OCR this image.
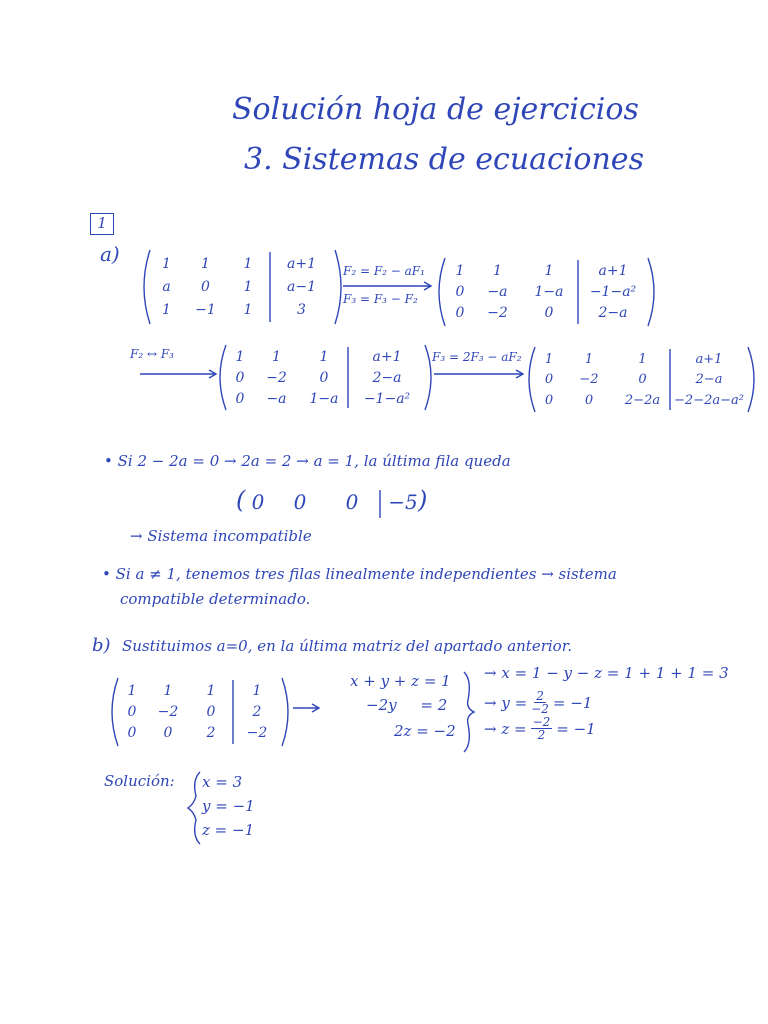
Solución hoja de ejercicios
3. Sistemas de ecuaciones
1
a)	1	1	1	a+1
a	0	1	a−1
1	−1	1	3
F₂ = F₂ − aF₁
F₃ = F₃ − F₂
1	1	1	a+1
0	−a	1−a	−1−a²
0	−2	0	2−a
F₂ ↔ F₃	1	1	1	a+1
0	−2	0	2−a
0	−a	1−a	−1−a²
F₃ = 2F₃ − aF₂	1	1	1	a+1
0	−2	0	2−a
0	0	2−2a	−2−2a−a²
• Si 2 − 2a = 0 → 2a = 2 → a = 1, la última fila queda
0	0	0	−5
(	)
→ Sistema incompatible
• Si a ≠ 1, tenemos tres filas linealmente independientes → sistema
compatible determinado.
b) Sustituimos a=0, en la última matriz del apartado anterior.
1	1	1	1
0	−2	0	2
0	0	2	−2
x + y + z = 1
−2y     = 2
2z = −2
→ x = 1 − y − z = 1 + 1 + 1 = 3
→ $y = \frac{2}{-2} = -1$
→ $z = \frac{-2}{2} = -1$
Solución: x = 3
y = −1
z = −1
